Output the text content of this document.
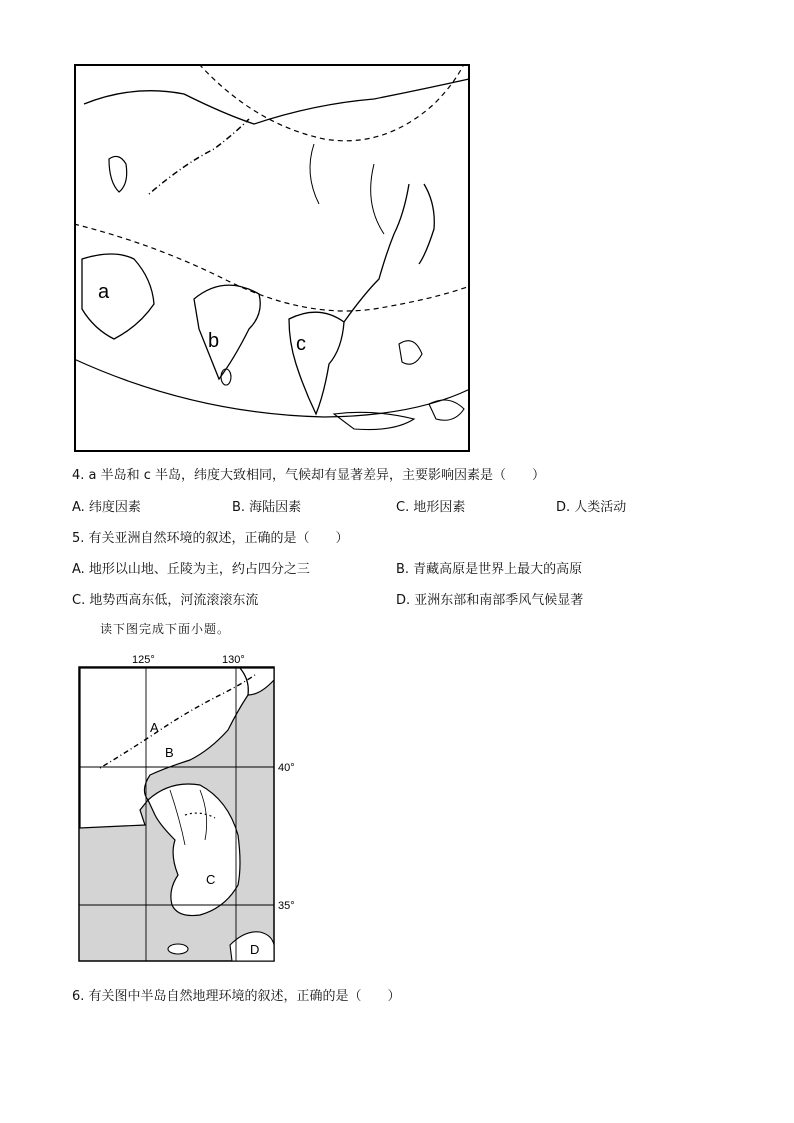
a
b	c
4. a 半岛和 c 半岛，纬度大致相同，气候却有显著差异，主要影响因素是（　　）
A. 纬度因素	B. 海陆因素	C. 地形因素	D. 人类活动
5. 有关亚洲自然环境的叙述，正确的是（　　）
A. 地形以山地、丘陵为主，约占四分之三	B. 青藏高原是世界上最大的高原
C. 地势西高东低，河流滚滚东流	D. 亚洲东部和南部季风气候显著
读下图完成下面小题。
125°	130°
40°
35°
A
B
C
D
6. 有关图中半岛自然地理环境的叙述，正确的是（　　）
